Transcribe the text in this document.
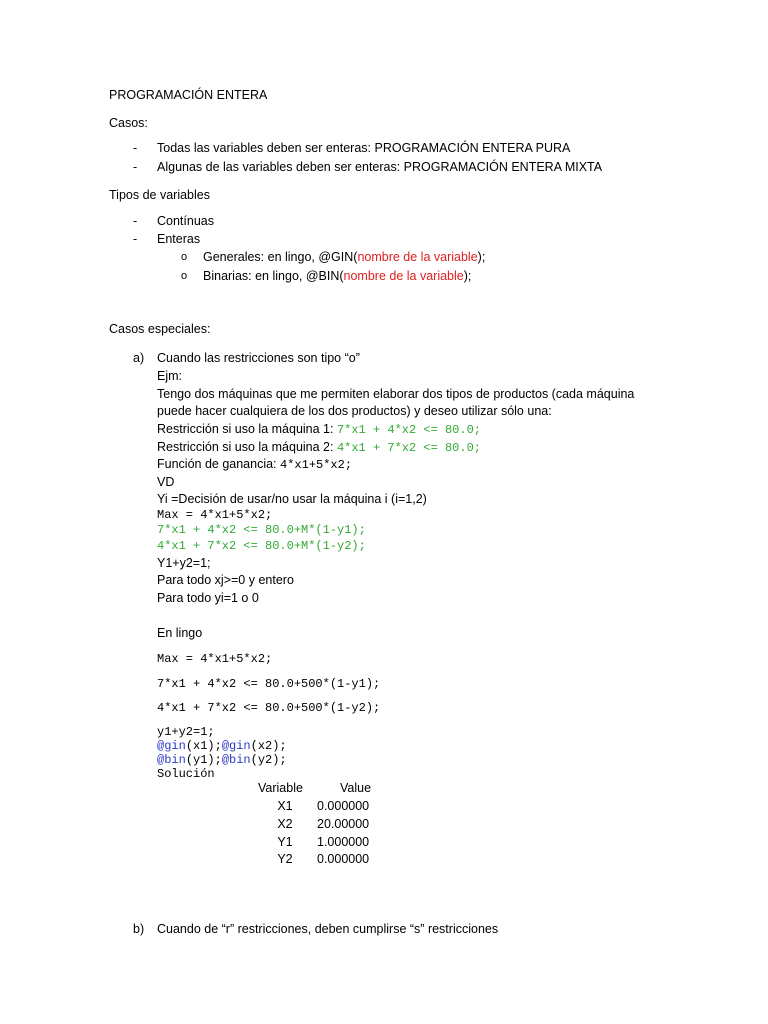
PROGRAMACIÓN ENTERA
Casos:
- Todas las variables deben ser enteras: PROGRAMACIÓN ENTERA PURA
- Algunas de las variables deben ser enteras: PROGRAMACIÓN ENTERA MIXTA
Tipos de variables
- Contínuas
- Enteras
o Generales: en lingo, @GIN(nombre de la variable);
o Binarias: en lingo, @BIN(nombre de la variable);
Casos especiales:
a) Cuando las restricciones son tipo “o”
Ejm:
Tengo dos máquinas que me permiten elaborar dos tipos de productos (cada máquina
puede hacer cualquiera de los dos productos) y deseo utilizar sólo una:
Restricción si uso la máquina 1: 7*x1 + 4*x2 <= 80.0;
Restricción si uso la máquina 2: 4*x1 + 7*x2 <= 80.0;
Función de ganancia: 4*x1+5*x2;
VD
Yi =Decisión de usar/no usar la máquina i (i=1,2)
Max = 4*x1+5*x2;
7*x1 + 4*x2 <= 80.0+M*(1-y1);
4*x1 + 7*x2 <= 80.0+M*(1-y2);
Y1+y2=1;
Para todo xj>=0 y entero
Para todo yi=1 o 0
En lingo
Max = 4*x1+5*x2;
7*x1 + 4*x2 <= 80.0+500*(1-y1);
4*x1 + 7*x2 <= 80.0+500*(1-y2);
y1+y2=1;
@gin(x1);@gin(x2);
@bin(y1);@bin(y2);
Solución
Variable	Value
X1	0.000000
X2	20.00000
Y1	1.000000
Y2	0.000000
b) Cuando de “r” restricciones, deben cumplirse “s” restricciones
